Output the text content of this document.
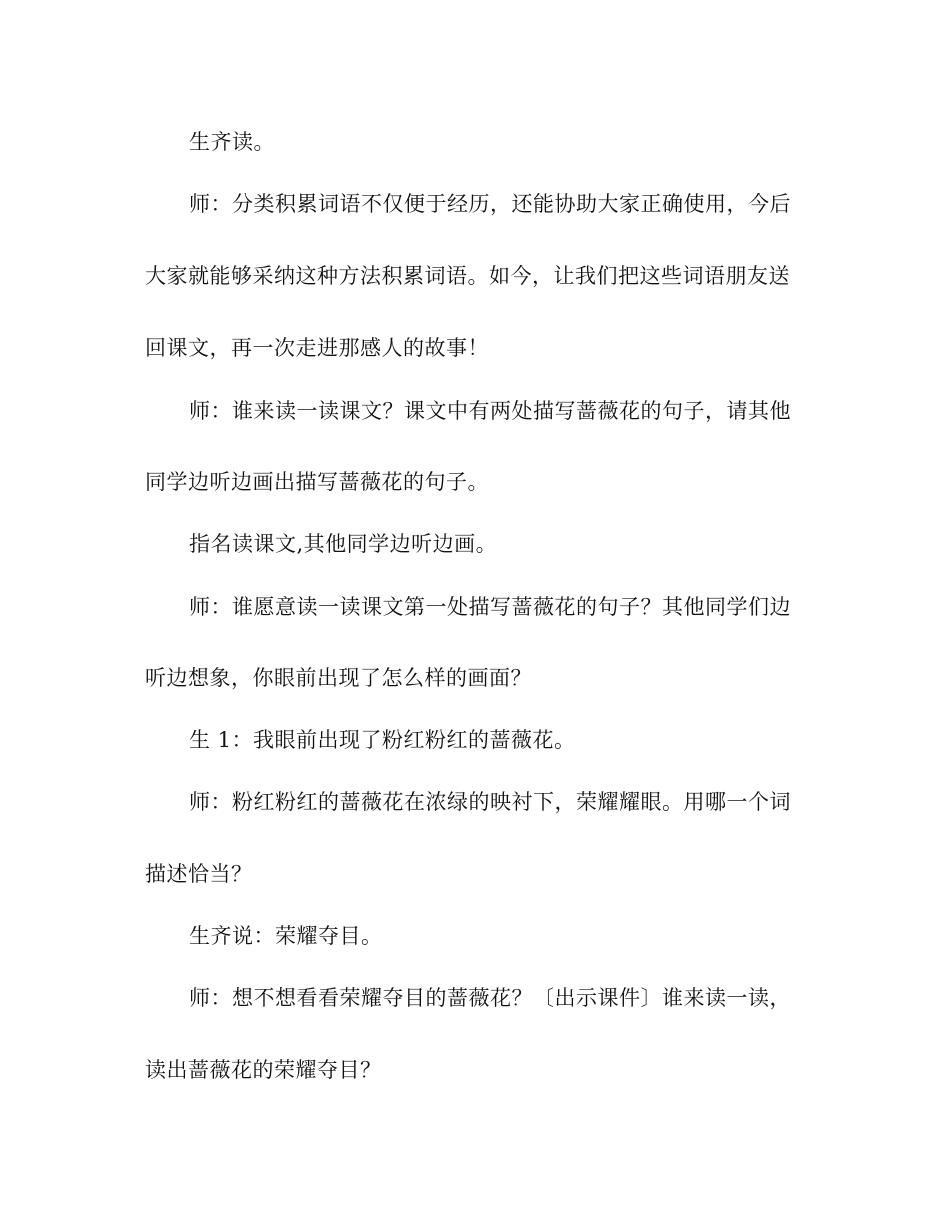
生齐读。
师：分类积累词语不仅便于经历，还能协助大家正确使用，今后
大家就能够采纳这种方法积累词语。如今，让我们把这些词语朋友送
回课文，再一次走进那感人的故事！
师：谁来读一读课文？课文中有两处描写蔷薇花的句子，请其他
同学边听边画出描写蔷薇花的句子。
指名读课文,其他同学边听边画。
师：谁愿意读一读课文第一处描写蔷薇花的句子？其他同学们边
听边想象，你眼前出现了怎么样的画面？
生 1：我眼前出现了粉红粉红的蔷薇花。
师：粉红粉红的蔷薇花在浓绿的映衬下，荣耀耀眼。用哪一个词
描述恰当？
生齐说：荣耀夺目。
师：想不想看看荣耀夺目的蔷薇花？〔出示课件〕谁来读一读，
读出蔷薇花的荣耀夺目？
